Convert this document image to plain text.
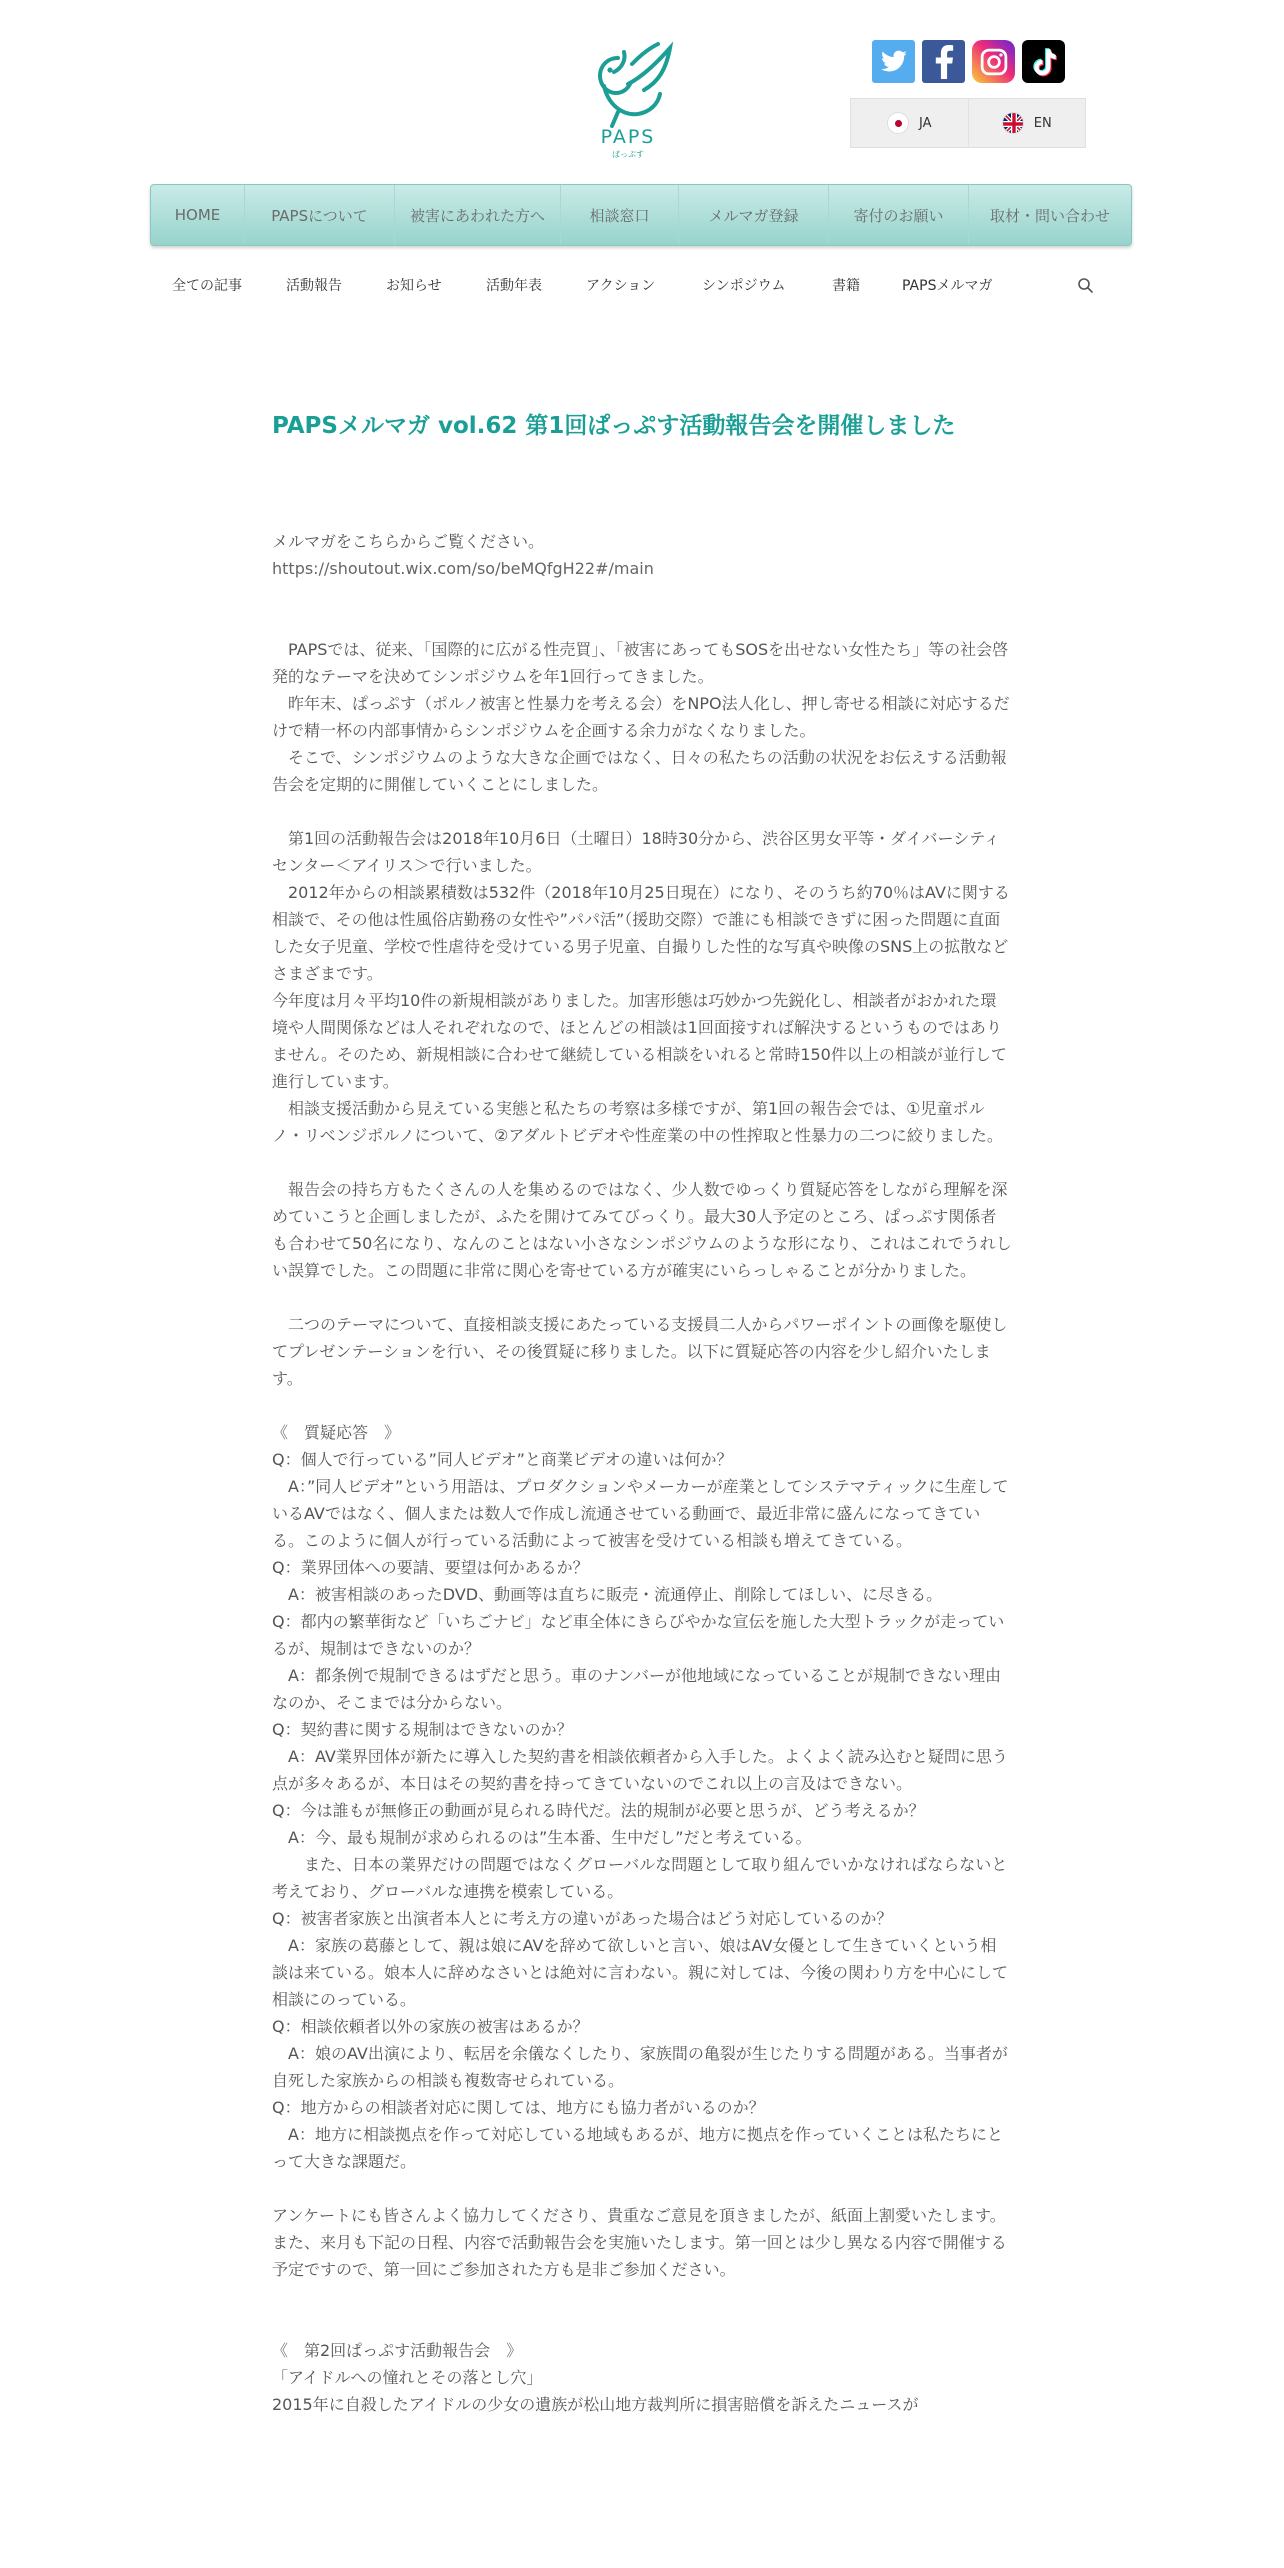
PAPS
ぱっぷす
JA	EN
HOME	PAPSについて	被害にあわれた方へ	相談窓口	メルマガ登録	寄付のお願い	取材・問い合わせ
全ての記事	活動報告	お知らせ	活動年表	アクション	シンポジウム	書籍	PAPSメルマガ
PAPSメルマガ vol.62 第1回ぱっぷす活動報告会を開催しました

メルマガをこちらからご覧ください。

https://shoutout.wix.com/so/beMQfgH22#/main

　PAPSでは、従来、「国際的に広がる性売買」、「被害にあってもSOSを出せない女性たち」等の社会啓発的なテーマを決めてシンポジウムを年1回行ってきました。
　昨年末、ぱっぷす（ポルノ被害と性暴力を考える会）をNPO法人化し、押し寄せる相談に対応するだけで精一杯の内部事情からシンポジウムを企画する余力がなくなりました。
　そこで、シンポジウムのような大きな企画ではなく、日々の私たちの活動の状況をお伝えする活動報告会を定期的に開催していくことにしました。

　第1回の活動報告会は2018年10月6日（土曜日）18時30分から、渋谷区男女平等・ダイバーシティセンター＜アイリス＞で行いました。
　2012年からの相談累積数は532件（2018年10月25日現在）になり、そのうち約70％はAVに関する相談で、その他は性風俗店勤務の女性や”パパ活”（援助交際）で誰にも相談できずに困った問題に直面した女子児童、学校で性虐待を受けている男子児童、自撮りした性的な写真や映像のSNS上の拡散などさまざまです。
今年度は月々平均10件の新規相談がありました。加害形態は巧妙かつ先鋭化し、相談者がおかれた環境や人間関係などは人それぞれなので、ほとんどの相談は1回面接すれば解決するというものではありません。そのため、新規相談に合わせて継続している相談をいれると常時150件以上の相談が並行して進行しています。
　相談支援活動から見えている実態と私たちの考察は多様ですが、第1回の報告会では、①児童ポルノ・リベンジポルノについて、②アダルトビデオや性産業の中の性搾取と性暴力の二つに絞りました。

　報告会の持ち方もたくさんの人を集めるのではなく、少人数でゆっくり質疑応答をしながら理解を深めていこうと企画しましたが、ふたを開けてみてびっくり。最大30人予定のところ、ぱっぷす関係者も合わせて50名になり、なんのことはない小さなシンポジウムのような形になり、これはこれでうれしい誤算でした。この問題に非常に関心を寄せている方が確実にいらっしゃることが分かりました。

　二つのテーマについて、直接相談支援にあたっている支援員二人からパワーポイントの画像を駆使してプレゼンテーションを行い、その後質疑に移りました。以下に質疑応答の内容を少し紹介いたします。

《　質疑応答　》
Q：個人で行っている”同人ビデオ”と商業ビデオの違いは何か？
　A：”同人ビデオ”という用語は、プロダクションやメーカーが産業としてシステマティックに生産しているAVではなく、個人または数人で作成し流通させている動画で、最近非常に盛んになってきている。このように個人が行っている活動によって被害を受けている相談も増えてきている。
Q：業界団体への要請、要望は何かあるか？
　A：被害相談のあったDVD、動画等は直ちに販売・流通停止、削除してほしい、に尽きる。
Q：都内の繁華街など「いちごナビ」など車全体にきらびやかな宣伝を施した大型トラックが走っているが、規制はできないのか？
　A：都条例で規制できるはずだと思う。車のナンバーが他地域になっていることが規制できない理由なのか、そこまでは分からない。
Q：契約書に関する規制はできないのか？
　A：AV業界団体が新たに導入した契約書を相談依頼者から入手した。よくよく読み込むと疑問に思う点が多々あるが、本日はその契約書を持ってきていないのでこれ以上の言及はできない。
Q：今は誰もが無修正の動画が見られる時代だ。法的規制が必要と思うが、どう考えるか？
　A：今、最も規制が求められるのは”生本番、生中だし”だと考えている。
　　また、日本の業界だけの問題ではなくグローバルな問題として取り組んでいかなければならないと考えており、グローバルな連携を模索している。
Q：被害者家族と出演者本人とに考え方の違いがあった場合はどう対応しているのか？
　A：家族の葛藤として、親は娘にAVを辞めて欲しいと言い、娘はAV女優として生きていくという相談は来ている。娘本人に辞めなさいとは絶対に言わない。親に対しては、今後の関わり方を中心にして相談にのっている。
Q：相談依頼者以外の家族の被害はあるか？
　A：娘のAV出演により、転居を余儀なくしたり、家族間の亀裂が生じたりする問題がある。当事者が自死した家族からの相談も複数寄せられている。
Q：地方からの相談者対応に関しては、地方にも協力者がいるのか？
　A：地方に相談拠点を作って対応している地域もあるが、地方に拠点を作っていくことは私たちにとって大きな課題だ。

アンケートにも皆さんよく協力してくださり、貴重なご意見を頂きましたが、紙面上割愛いたします。
また、来月も下記の日程、内容で活動報告会を実施いたします。第一回とは少し異なる内容で開催する予定ですので、第一回にご参加された方も是非ご参加ください。

《　第2回ぱっぷす活動報告会　》
「アイドルへの憧れとその落とし穴」
2015年に自殺したアイドルの少女の遺族が松山地方裁判所に損害賠償を訴えたニュースが
